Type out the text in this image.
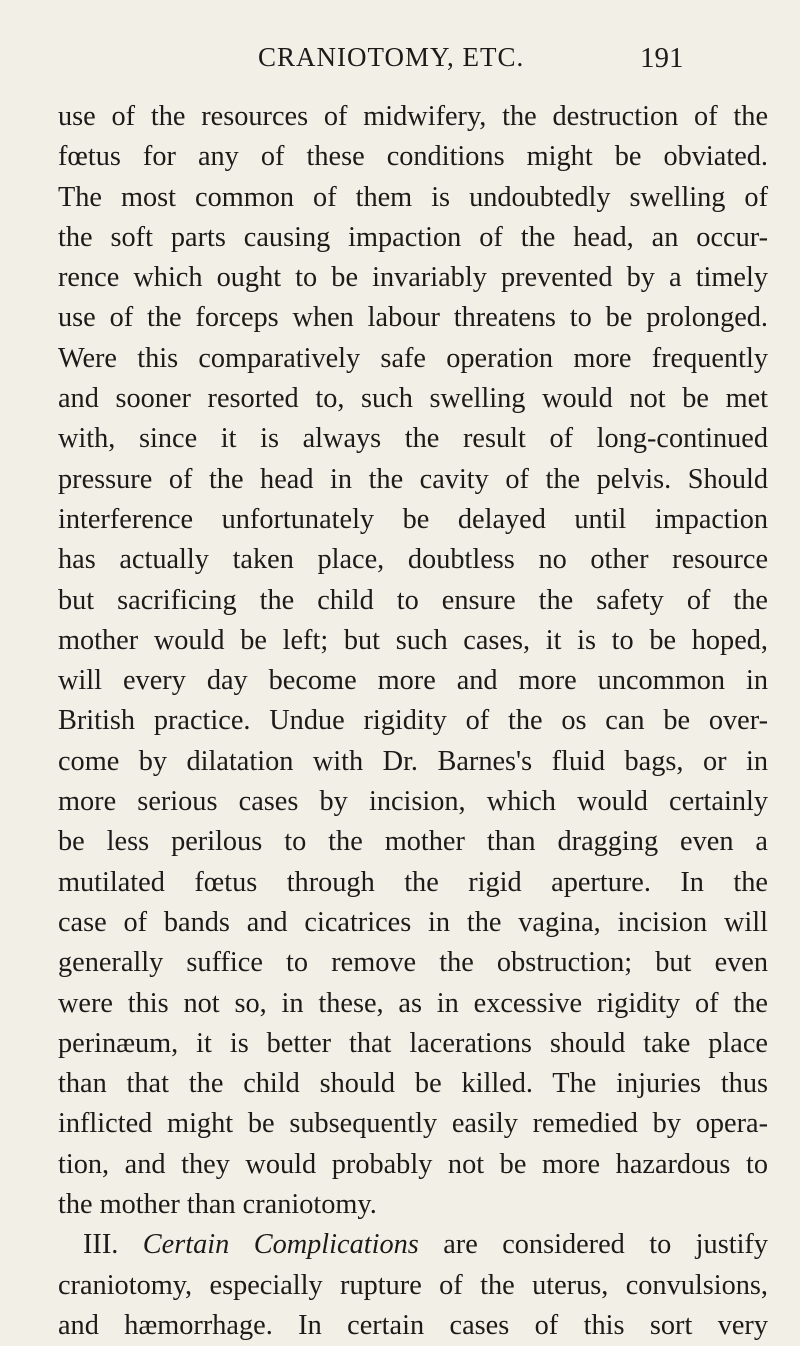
CRANIOTOMY, ETC.	191
use of the resources of midwifery, the destruction of the
fœtus for any of these conditions might be obviated.
The most common of them is undoubtedly swelling of
the soft parts causing impaction of the head, an occur-
rence which ought to be invariably prevented by a timely
use of the forceps when labour threatens to be prolonged.
Were this comparatively safe operation more frequently
and sooner resorted to, such swelling would not be met
with, since it is always the result of long-continued
pressure of the head in the cavity of the pelvis. Should
interference unfortunately be delayed until impaction
has actually taken place, doubtless no other resource
but sacrificing the child to ensure the safety of the
mother would be left; but such cases, it is to be hoped,
will every day become more and more uncommon in
British practice. Undue rigidity of the os can be over-
come by dilatation with Dr. Barnes's fluid bags, or in
more serious cases by incision, which would certainly
be less perilous to the mother than dragging even a
mutilated fœtus through the rigid aperture. In the
case of bands and cicatrices in the vagina, incision will
generally suffice to remove the obstruction; but even
were this not so, in these, as in excessive rigidity of the
perinæum, it is better that lacerations should take place
than that the child should be killed. The injuries thus
inflicted might be subsequently easily remedied by opera-
tion, and they would probably not be more hazardous to
the mother than craniotomy.
III. Certain Complications are considered to justify
craniotomy, especially rupture of the uterus, convulsions,
and hæmorrhage. In certain cases of this sort very
